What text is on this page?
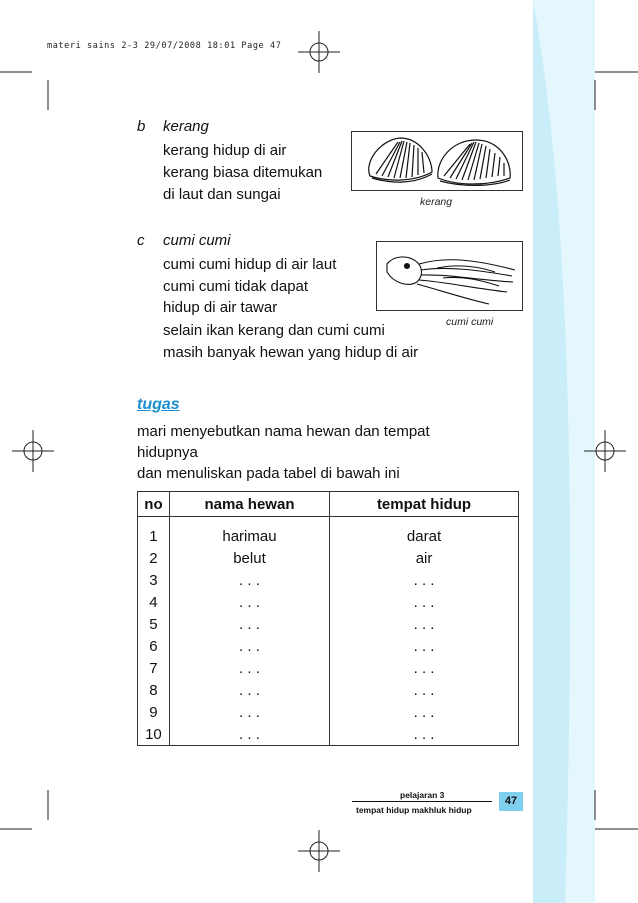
materi sains 2-3 29/07/2008 18:01 Page 47
b kerang
kerang hidup di air
kerang biasa ditemukan
di laut dan sungai	kerang
c cumi cumi
cumi cumi hidup di air laut
cumi cumi tidak dapat
hidup di air tawar
selain ikan kerang dan cumi cumi
masih banyak hewan yang hidup di air
cumi cumi
tugas
mari menyebutkan nama hewan dan tempat
hidupnya
dan menuliskan pada tabel di bawah ini
no	nama hewan	tempat hidup

1	harimau	darat
2	belut	air
3	. . .	. . .
4	. . .	. . .
5	. . .	. . .
6	. . .	. . .
7	. . .	. . .
8	. . .	. . .
9	. . .	. . .
10	. . .	. . .
pelajaran 3
tempat hidup makhluk hidup
47
